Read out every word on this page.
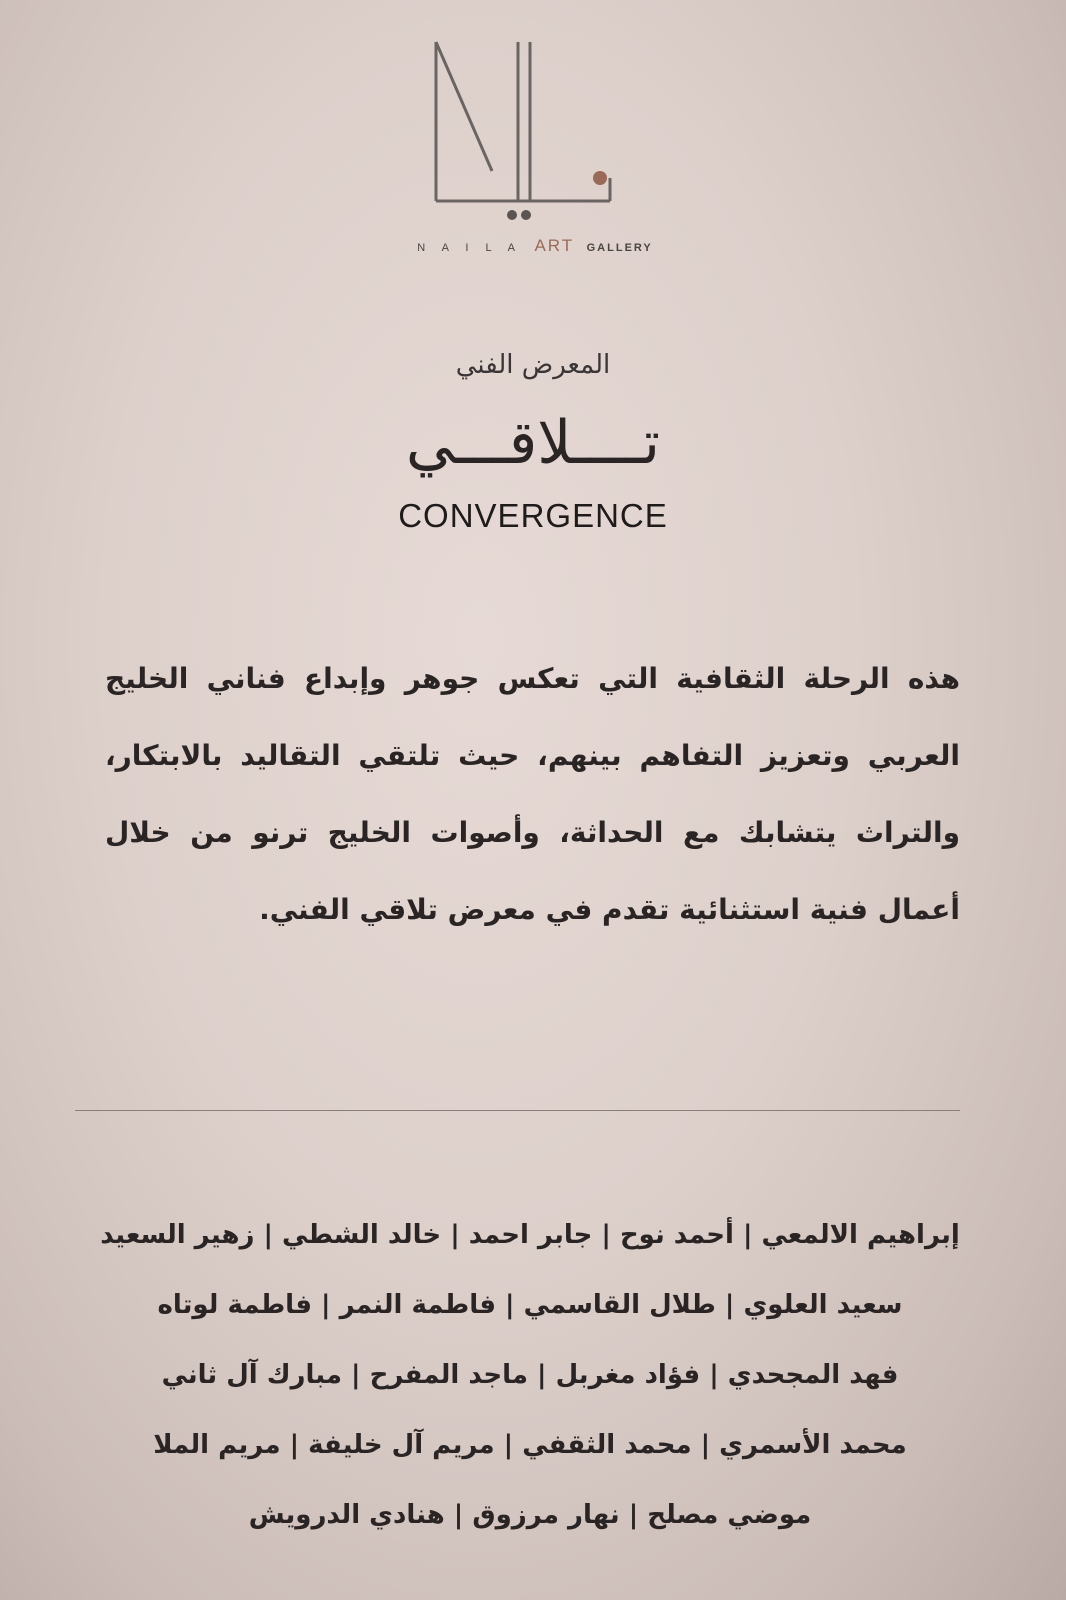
N A I L A ART GALLERY
المعرض الفني
تــــلاقـــي
CONVERGENCE
هذه الرحلة الثقافية التي تعكس جوهر وإبداع فناني الخليج العربي وتعزيز التفاهم بينهم، حيث تلتقي التقاليد بالابتكار، والتراث يتشابك مع الحداثة، وأصوات الخليج ترنو من خلال أعمال فنية استثنائية تقدم في معرض تلاقي الفني.
إبراهيم الالمعي | أحمد نوح | جابر احمد | خالد الشطي | زهير السعيد
سعيد العلوي | طلال القاسمي | فاطمة النمر | فاطمة لوتاه
فهد المجحدي | فؤاد مغربل | ماجد المفرح | مبارك آل ثاني
محمد الأسمري | محمد الثقفي | مريم آل خليفة | مريم الملا
موضي مصلح | نهار مرزوق | هنادي الدرويش
